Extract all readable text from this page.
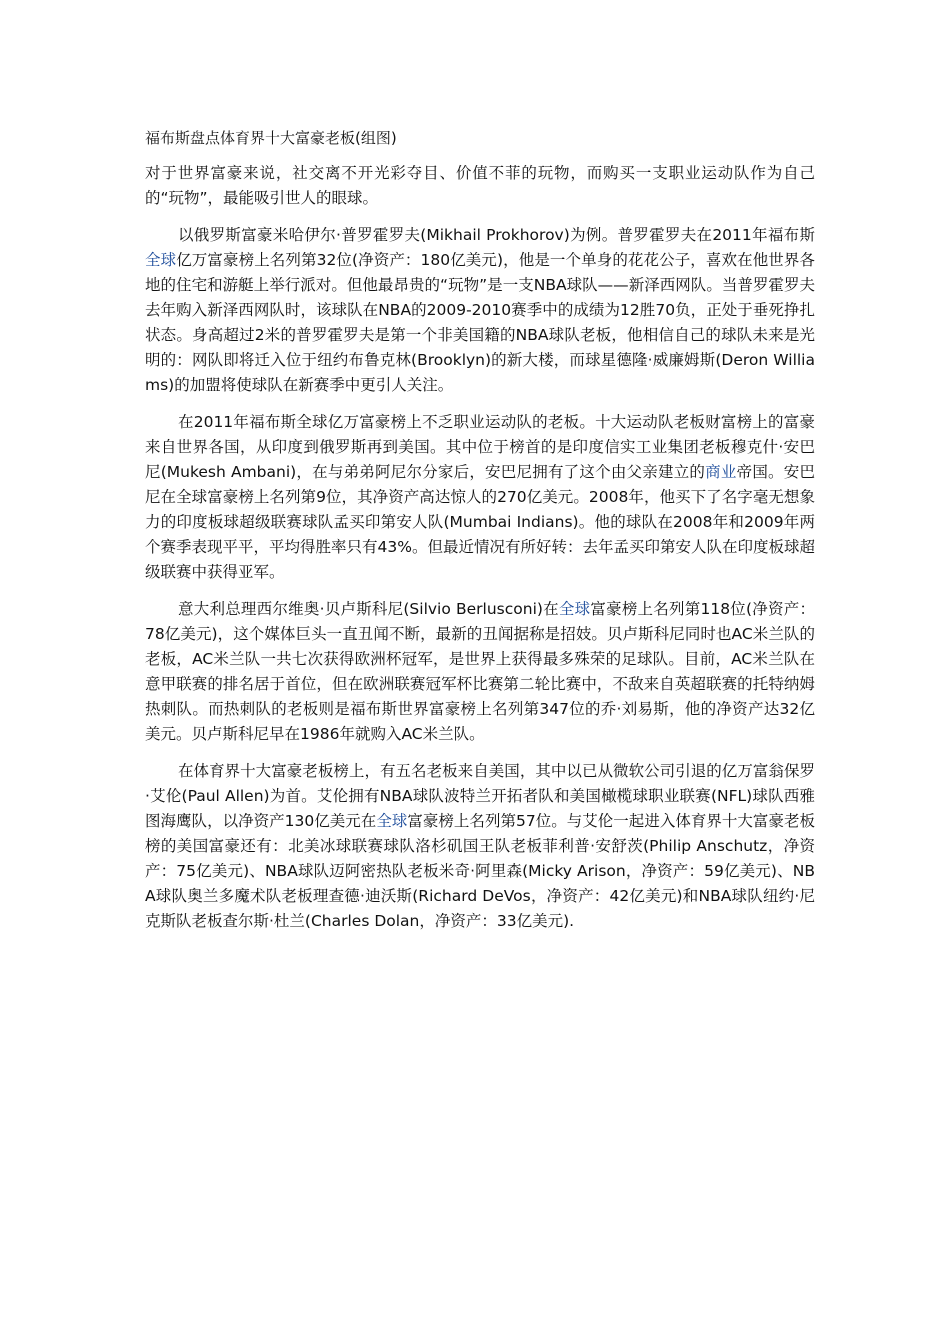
福布斯盘点体育界十大富豪老板(组图)

对于世界富豪来说，社交离不开光彩夺目、价值不菲的玩物，而购买一支职业运动队作为自己的“玩物”，最能吸引世人的眼球。

以俄罗斯富豪米哈伊尔·普罗霍罗夫(Mikhail Prokhorov)为例。普罗霍罗夫在2011年福布斯全球亿万富豪榜上名列第32位(净资产：180亿美元)，他是一个单身的花花公子，喜欢在他世界各地的住宅和游艇上举行派对。但他最昂贵的“玩物”是一支NBA球队——新泽西网队。当普罗霍罗夫去年购入新泽西网队时，该球队在NBA的2009-2010赛季中的成绩为12胜70负，正处于垂死挣扎状态。身高超过2米的普罗霍罗夫是第一个非美国籍的NBA球队老板，他相信自己的球队未来是光明的：网队即将迁入位于纽约布鲁克林(Brooklyn)的新大楼，而球星德隆·威廉姆斯(Deron Williams)的加盟将使球队在新赛季中更引人关注。

在2011年福布斯全球亿万富豪榜上不乏职业运动队的老板。十大运动队老板财富榜上的富豪来自世界各国，从印度到俄罗斯再到美国。其中位于榜首的是印度信实工业集团老板穆克什·安巴尼(Mukesh Ambani)，在与弟弟阿尼尔分家后，安巴尼拥有了这个由父亲建立的商业帝国。安巴尼在全球富豪榜上名列第9位，其净资产高达惊人的270亿美元。2008年，他买下了名字毫无想象力的印度板球超级联赛球队孟买印第安人队(Mumbai Indians)。他的球队在2008年和2009年两个赛季表现平平，平均得胜率只有43%。但最近情况有所好转：去年孟买印第安人队在印度板球超级联赛中获得亚军。

意大利总理西尔维奥·贝卢斯科尼(Silvio Berlusconi)在全球富豪榜上名列第118位(净资产：78亿美元)，这个媒体巨头一直丑闻不断，最新的丑闻据称是招妓。贝卢斯科尼同时也AC米兰队的老板，AC米兰队一共七次获得欧洲杯冠军，是世界上获得最多殊荣的足球队。目前，AC米兰队在意甲联赛的排名居于首位，但在欧洲联赛冠军杯比赛第二轮比赛中，不敌来自英超联赛的托特纳姆热刺队。而热刺队的老板则是福布斯世界富豪榜上名列第347位的乔·刘易斯，他的净资产达32亿美元。贝卢斯科尼早在1986年就购入AC米兰队。

在体育界十大富豪老板榜上，有五名老板来自美国，其中以已从微软公司引退的亿万富翁保罗·艾伦(Paul Allen)为首。艾伦拥有NBA球队波特兰开拓者队和美国橄榄球职业联赛(NFL)球队西雅图海鹰队，以净资产130亿美元在全球富豪榜上名列第57位。与艾伦一起进入体育界十大富豪老板榜的美国富豪还有：北美冰球联赛球队洛杉矶国王队老板菲利普·安舒茨(Philip Anschutz，净资产：75亿美元)、NBA球队迈阿密热队老板米奇·阿里森(Micky Arison，净资产：59亿美元)、NBA球队奥兰多魔术队老板理查德·迪沃斯(Richard DeVos，净资产：42亿美元)和NBA球队纽约·尼克斯队老板查尔斯·杜兰(Charles Dolan，净资产：33亿美元).
